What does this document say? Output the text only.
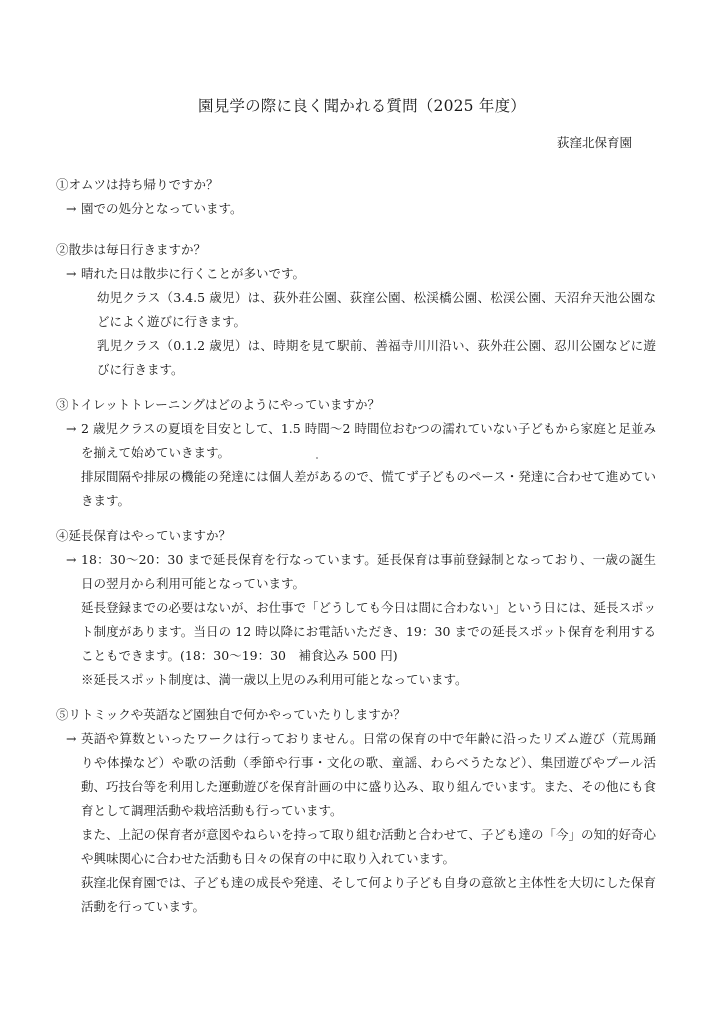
園見学の際に良く聞かれる質問（2025 年度）
荻窪北保育園
①オムツは持ち帰りですか？
→ 園での処分となっています。

②散歩は毎日行きますか？
→ 晴れた日は散歩に行くことが多いです。

幼児クラス（3.4.5 歳児）は、荻外荘公園、荻窪公園、松渓橋公園、松渓公園、天沼弁天池公園などによく遊びに行きます。

乳児クラス（0.1.2 歳児）は、時期を見て駅前、善福寺川川沿い、荻外荘公園、忍川公園などに遊びに行きます。

③トイレットトレーニングはどのようにやっていますか？
→ 2 歳児クラスの夏頃を目安として、1.5 時間～2 時間位おむつの濡れていない子どもから家庭と足並みを揃えて始めていきます。

排尿間隔や排尿の機能の発達には個人差があるので、慌てず子どものペース・発達に合わせて進めていきます。

④延長保育はやっていますか？
→ 18：30～20：30 まで延長保育を行なっています。延長保育は事前登録制となっており、一歳の誕生日の翌月から利用可能となっています。

延長登録までの必要はないが、お仕事で「どうしても今日は間に合わない」という日には、延長スポット制度があります。当日の 12 時以降にお電話いただき、19：30 までの延長スポット保育を利用することもできます。(18：30～19：30　補食込み 500 円)

※延長スポット制度は、満一歳以上児のみ利用可能となっています。

⑤リトミックや英語など園独自で何かやっていたりしますか？
→ 英語や算数といったワークは行っておりません。日常の保育の中で年齢に沿ったリズム遊び（荒馬踊りや体操など）や歌の活動（季節や行事・文化の歌、童謡、わらべうたなど）、集団遊びやプール活動、巧技台等を利用した運動遊びを保育計画の中に盛り込み、取り組んでいます。また、その他にも食育として調理活動や栽培活動も行っています。

また、上記の保育者が意図やねらいを持って取り組む活動と合わせて、子ども達の「今」の知的好奇心や興味関心に合わせた活動も日々の保育の中に取り入れています。

荻窪北保育園では、子ども達の成長や発達、そして何より子ども自身の意欲と主体性を大切にした保育活動を行っています。
